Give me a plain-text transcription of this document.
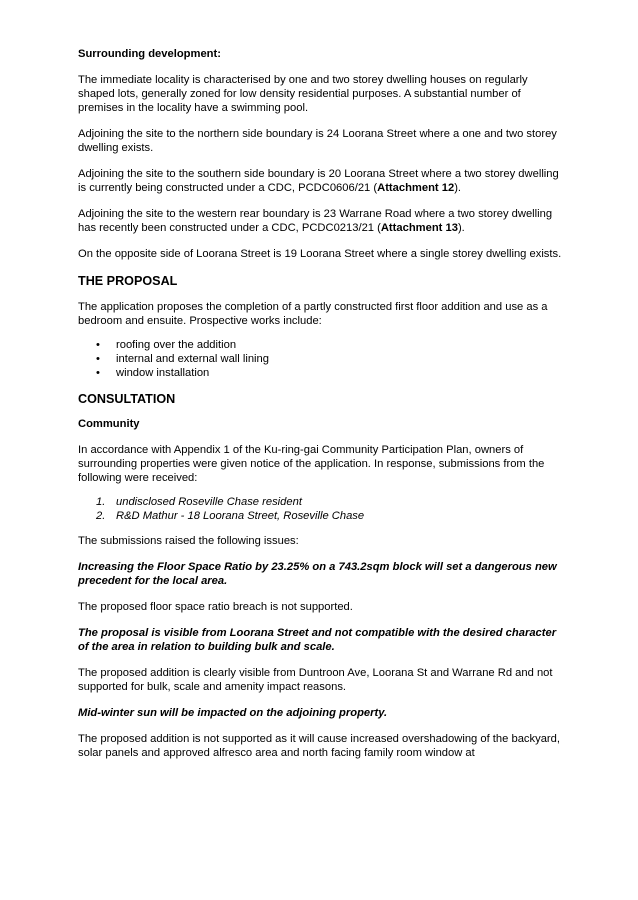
Surrounding development:

The immediate locality is characterised by one and two storey dwelling houses on regularly shaped lots, generally zoned for low density residential purposes. A substantial number of premises in the locality have a swimming pool.

Adjoining the site to the northern side boundary is 24 Loorana Street where a one and two storey dwelling exists.

Adjoining the site to the southern side boundary is 20 Loorana Street where a two storey dwelling is currently being constructed under a CDC, PCDC0606/21 (Attachment 12).

Adjoining the site to the western rear boundary is 23 Warrane Road where a two storey dwelling has recently been constructed under a CDC, PCDC0213/21 (Attachment 13).

On the opposite side of Loorana Street is 19 Loorana Street where a single storey dwelling exists.

THE PROPOSAL

The application proposes the completion of a partly constructed first floor addition and use as a bedroom and ensuite. Prospective works include:

• roofing over the addition
• internal and external wall lining
• window installation

CONSULTATION

Community

In accordance with Appendix 1 of the Ku-ring-gai Community Participation Plan, owners of surrounding properties were given notice of the application. In response, submissions from the following were received:

1. undisclosed Roseville Chase resident
2. R&D Mathur - 18 Loorana Street, Roseville Chase

The submissions raised the following issues:

Increasing the Floor Space Ratio by 23.25% on a 743.2sqm block will set a dangerous new precedent for the local area.

The proposed floor space ratio breach is not supported.

The proposal is visible from Loorana Street and not compatible with the desired character of the area in relation to building bulk and scale.

The proposed addition is clearly visible from Duntroon Ave, Loorana St and Warrane Rd and not supported for bulk, scale and amenity impact reasons.

Mid-winter sun will be impacted on the adjoining property.

The proposed addition is not supported as it will cause increased overshadowing of the backyard, solar panels and approved alfresco area and north facing family room window at
